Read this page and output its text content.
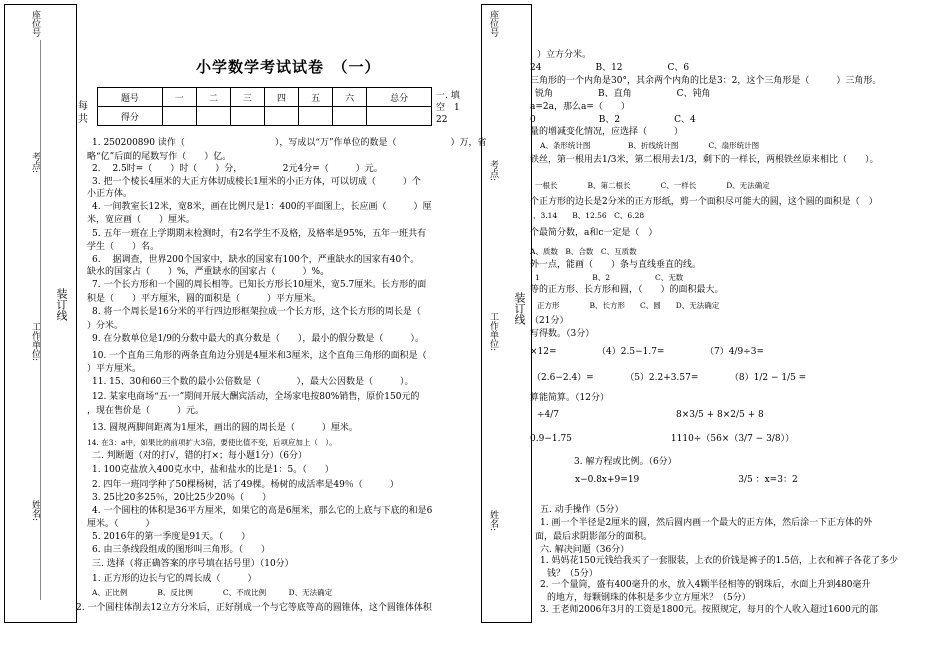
座位号
考点:
装订线
工作单位:
姓名:
小学数学考试试卷　（一）
每
共
题号	一	二	三	四	五	六	总分
得分							
一. 填
空　1
22
1. 250200890 读作（　　　　　　　　　　），写成以“万”作单位的数是（　　　　　　）万，省
略“亿”后面的尾数写作（　　）亿。
2.　 2.5时=（　　）时（　　）分，　　　　　2元4分=（　　　）元。
3. 把一个棱长4厘米的大正方体切成棱长1厘米的小正方体，可以切成（　　　）个
小正方体。
4. 一间教室长12米，宽8米，画在比例尺是1：400的平面图上，长应画（　　　）厘
米，宽应画（　　）厘米。
5. 五年一班在上学期期末检测时，有2名学生不及格，及格率是95%，五年一班共有
学生（　　）名。
6.　 据调查，世界200个国家中，缺水的国家有100个，严重缺水的国家有40个。
缺水的国家占（　　）%，严重缺水的国家占（　　　）%。
7. 一个长方形和一个圆的周长相等。已知长方形长10厘米，宽5.7厘米。长方形的面
积是（　　）平方厘米，圆的面积是（　　　）平方厘米。
8. 将一个周长是16分米的平行四边形框架拉成一个长方形，这个长方形的周长是（
）分米。
9. 在分数单位是1/9的分数中最大的真分数是（　　），最小的假分数是（　　　）。
10. 一个直角三角形的两条直角边分别是4厘米和3厘米，这个直角三角形的面积是（
）平方厘米。
11. 15、30和60三个数的最小公倍数是（　　　　），最大公因数是（　　　）。
12. 某家电商场“五·一”期间开展大酬宾活动，全场家电按80%销售，原价150元的
，现在售价是（　　　）元。
13. 圆规两脚间距离为1厘米，画出的圆的周长是（　　　）厘米。
14. 在3：a中，如果比的前项扩大3倍，要使比值不变，后项应加上（　）。
二. 判断题（对的打√，错的打×；每小题1分）（6分）
1. 100克盐放入400克水中，盐和盐水的比是1：5。（　　）
2. 四年一班同学种了50棵杨树，活了49棵。杨树的成活率是49％（　　　）
3. 25比20多25％，20比25少20％（　　）
4. 一个圆柱的体积是36平方厘米，如果它的高是6厘米，那么它的上底与下底的和是6
厘米。（　　　）
5. 2016年的第一季度是91天。（　　）
6. 由三条线段组成的图形叫三角形。（　　）
三. 选择（将正确答案的序号填在括号里）（10分）
1. 正方形的边长与它的周长成（　　　）
A、正比例　　　　B、反比例　　　　C、不成比例　　　D、无法确定
2. 一个圆柱体削去12立方分米后，正好削成一个与它等底等高的圆锥体，这个圆锥体体积
座位号
考点:
装订线
工作单位:
姓名:
）立方分米。
24　　　　　　B、12　　　　　C、6
三角形的一个内角是30°，其余两个内角的比是3：2，这个三角形是（　　　）三角形。
锐角　　　　　B、直角　　　　　C、钝角
a=2a，那么a=（　　）
0　　　　　　　B、2　　　　　　C、4
量的增减变化情况，应选择（　　　）
A、条形统计图　　　　　B、折线统计图　　　　C、扇形统计图
铁丝，第一根用去1/3米，第二根用去1/3，剩下的一样长，两根铁丝原来相比（　　）。
一根长　　　　B、第二根长　　　　C、一样长　　　　D、无法确定
个正方形的边长是2分米的正方形纸，剪一个面积尽可能大的圆，这个圆的面积是（　）
、3.14　　B、12.56　C、6.28
个最简分数，a和c一定是（　）
A、质数　B、合数　C、互质数
外一点，能画（　　）条与直线垂直的线。
1　　　　　　　B、2　　　　　　C、无数
等的正方形、长方形和圆，（　　）的面积最大。
正方形　　　　B、长方形　　C、圆　　D、无法确定
（21分）
写得数。（3分）
×12=　　　　　（4）2.5−1.7=　　　　　（7）4/9÷3=
（2.6−2.4）=　　　　（5）2.2+3.57=　　　　（8）1/2 − 1/5 =
算能简算。（12分）
÷4/7　　　　　　　　　　　　　8×3/5 + 8×2/5 + 8
0.9−1.75　　　　　　　　　　　1110÷（56×（3/7 − 3/8））
3. 解方程或比例。（6分）
x−0.8x+9=19　　　　　　　　　　　3/5 ：x=3：2
五. 动手操作（5分）
1. 画一个半径是2厘米的圆，然后圆内画一个最大的正方体，然后涂一下正方体的外
面，最后求阴影部分的面积。
六. 解决问题（36分）
1. 妈妈花150元钱给我买了一套服装，上衣的价钱是裤子的1.5倍，上衣和裤子各花了多少
钱？（5分）
2. 一个量筒，盛有400毫升的水，放入4颗半径相等的钢珠后，水面上升到480毫升
的地方，每颗钢珠的体积是多少立方厘米？（5分）
3. 王老师2006年3月的工资是1800元。按照规定，每月的个人收入超过1600元的部
